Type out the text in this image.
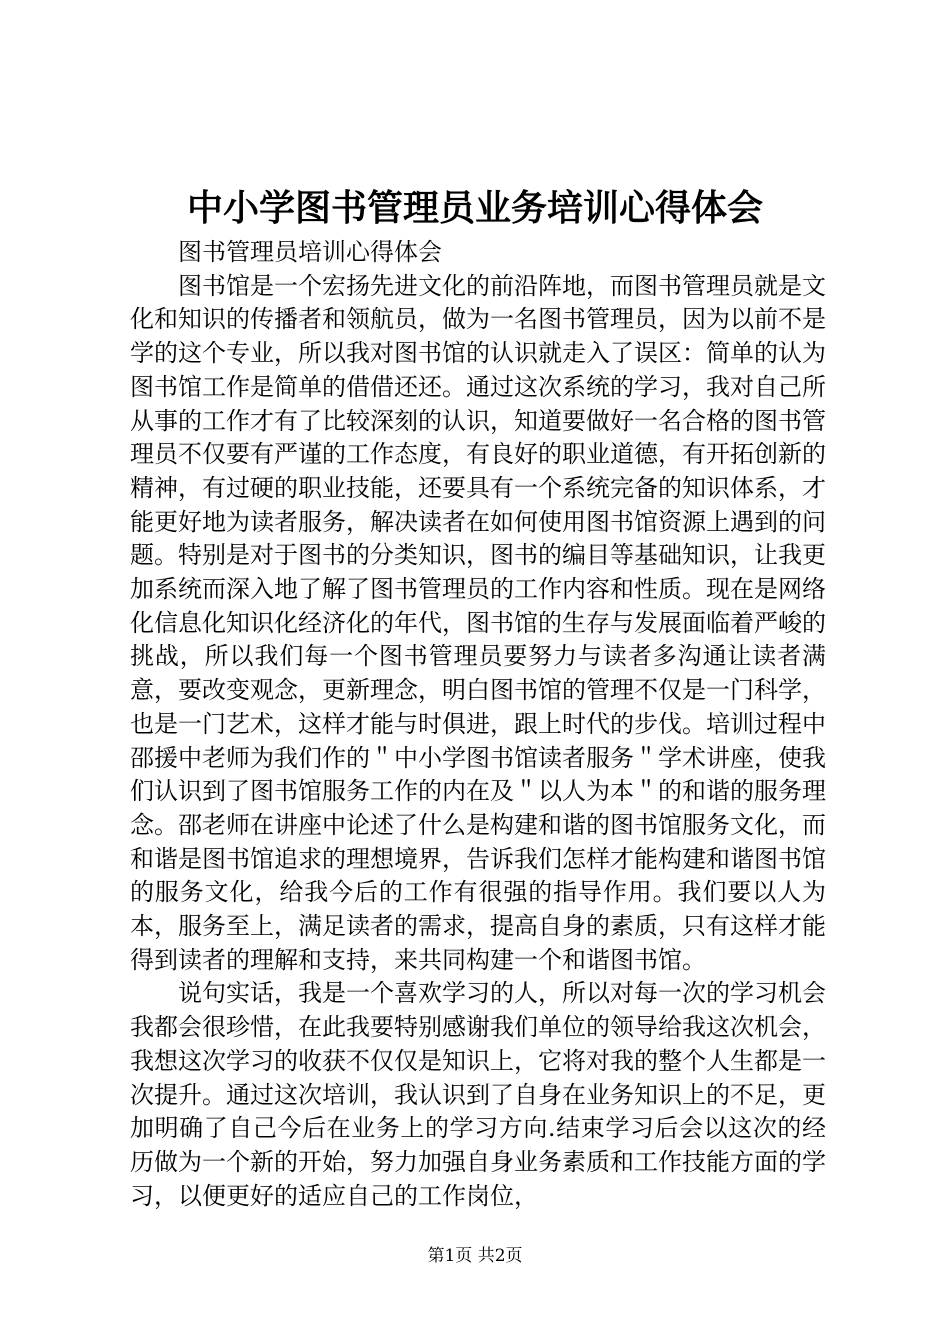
中小学图书管理员业务培训心得体会

图书管理员培训心得体会

图书馆是一个宏扬先进文化的前沿阵地，而图书管理员就是文化和知识的传播者和领航员，做为一名图书管理员，因为以前不是学的这个专业，所以我对图书馆的认识就走入了误区：简单的认为图书馆工作是简单的借借还还。通过这次系统的学习，我对自己所从事的工作才有了比较深刻的认识，知道要做好一名合格的图书管理员不仅要有严谨的工作态度，有良好的职业道德，有开拓创新的精神，有过硬的职业技能，还要具有一个系统完备的知识体系，才能更好地为读者服务，解决读者在如何使用图书馆资源上遇到的问题。特别是对于图书的分类知识，图书的编目等基础知识，让我更加系统而深入地了解了图书管理员的工作内容和性质。现在是网络化信息化知识化经济化的年代，图书馆的生存与发展面临着严峻的挑战，所以我们每一个图书管理员要努力与读者多沟通让读者满意，要改变观念，更新理念，明白图书馆的管理不仅是一门科学，也是一门艺术，这样才能与时俱进，跟上时代的步伐。培训过程中邵援中老师为我们作的＂中小学图书馆读者服务＂学术讲座，使我们认识到了图书馆服务工作的内在及＂以人为本＂的和谐的服务理念。邵老师在讲座中论述了什么是构建和谐的图书馆服务文化，而和谐是图书馆追求的理想境界，告诉我们怎样才能构建和谐图书馆的服务文化，给我今后的工作有很强的指导作用。我们要以人为本，服务至上，满足读者的需求，提高自身的素质，只有这样才能得到读者的理解和支持，来共同构建一个和谐图书馆。

说句实话，我是一个喜欢学习的人，所以对每一次的学习机会我都会很珍惜，在此我要特别感谢我们单位的领导给我这次机会，我想这次学习的收获不仅仅是知识上，它将对我的整个人生都是一次提升。通过这次培训，我认识到了自身在业务知识上的不足，更加明确了自己今后在业务上的学习方向.结束学习后会以这次的经历做为一个新的开始，努力加强自身业务素质和工作技能方面的学习，以便更好的适应自己的工作岗位，

第1页 共2页
